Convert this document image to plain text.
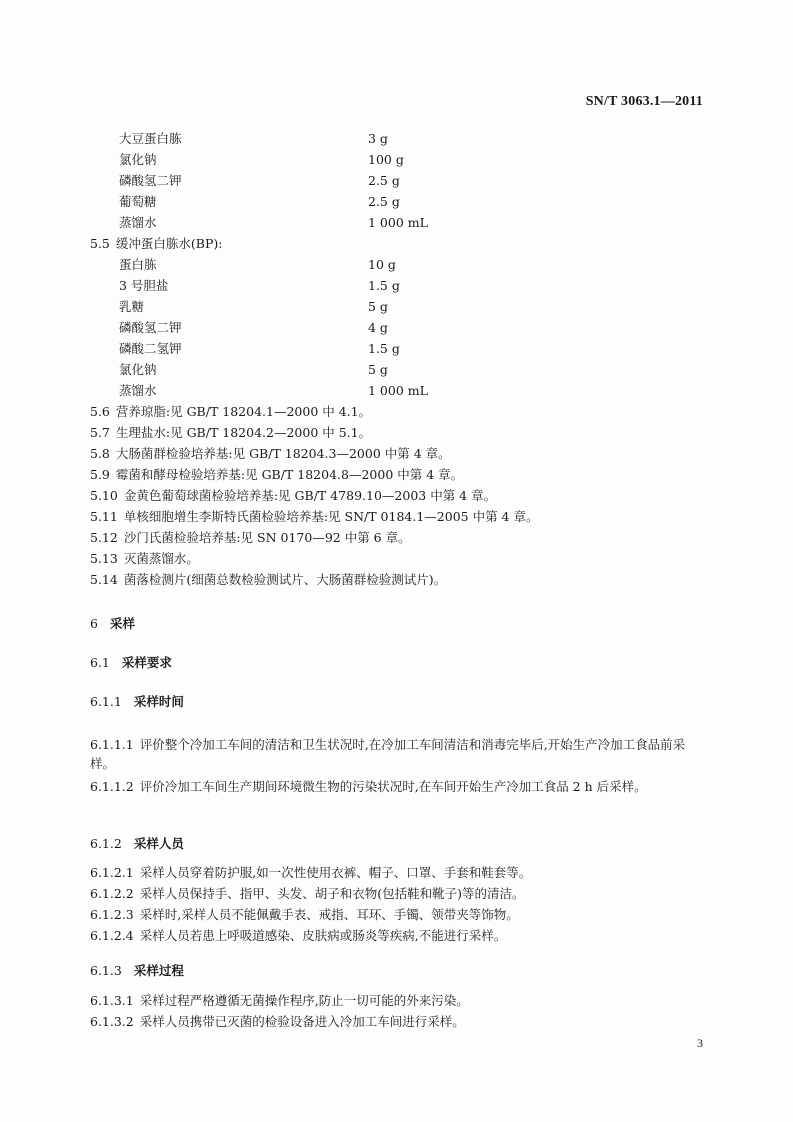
SN/T 3063.1—2011
大豆蛋白胨	3 g
氯化钠	100 g
磷酸氢二钾	2.5 g
葡萄糖	2.5 g
蒸馏水	1 000 mL
5.5 缓冲蛋白胨水(BP):
蛋白胨	10 g
3 号胆盐	1.5 g
乳糖	5 g
磷酸氢二钾	4 g
磷酸二氢钾	1.5 g
氯化钠	5 g
蒸馏水	1 000 mL
5.6 营养琼脂:见 GB/T 18204.1—2000 中 4.1。
5.7 生理盐水:见 GB/T 18204.2—2000 中 5.1。
5.8 大肠菌群检验培养基:见 GB/T 18204.3—2000 中第 4 章。
5.9 霉菌和酵母检验培养基:见 GB/T 18204.8—2000 中第 4 章。
5.10 金黄色葡萄球菌检验培养基:见 GB/T 4789.10—2003 中第 4 章。
5.11 单核细胞增生李斯特氏菌检验培养基:见 SN/T 0184.1—2005 中第 4 章。
5.12 沙门氏菌检验培养基:见 SN 0170—92 中第 6 章。
5.13 灭菌蒸馏水。
5.14 菌落检测片(细菌总数检验测试片、大肠菌群检验测试片)。
6 采样
6.1 采样要求
6.1.1 采样时间
6.1.1.1 评价整个冷加工车间的清洁和卫生状况时,在冷加工车间清洁和消毒完毕后,开始生产冷加工食品前采样。
6.1.1.2 评价冷加工车间生产期间环境微生物的污染状况时,在车间开始生产冷加工食品 2 h 后采样。
6.1.2 采样人员
6.1.2.1 采样人员穿着防护服,如一次性使用衣裤、帽子、口罩、手套和鞋套等。
6.1.2.2 采样人员保持手、指甲、头发、胡子和衣物(包括鞋和靴子)等的清洁。
6.1.2.3 采样时,采样人员不能佩戴手表、戒指、耳环、手镯、领带夹等饰物。
6.1.2.4 采样人员若患上呼吸道感染、皮肤病或肠炎等疾病,不能进行采样。
6.1.3 采样过程
6.1.3.1 采样过程严格遵循无菌操作程序,防止一切可能的外来污染。
6.1.3.2 采样人员携带已灭菌的检验设备进入冷加工车间进行采样。
3
